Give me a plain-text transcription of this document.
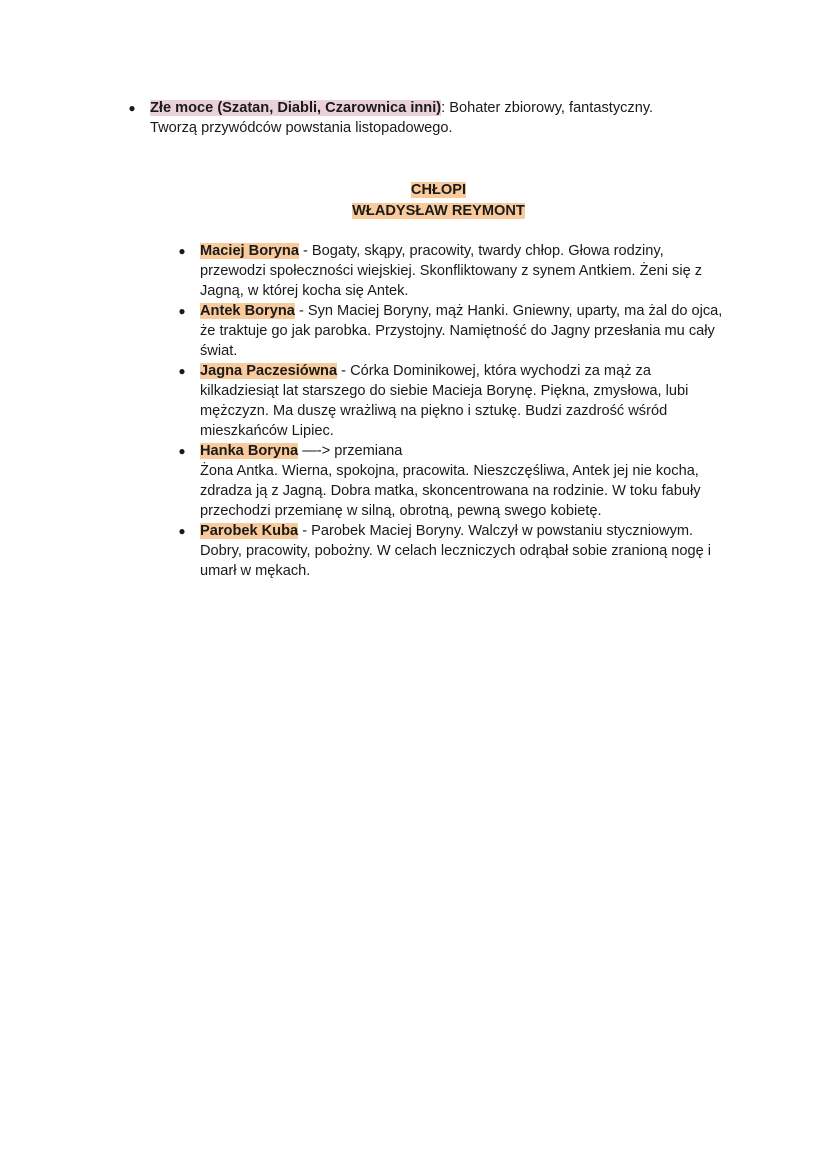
● Złe moce (Szatan, Diabli, Czarownica inni): Bohater zbiorowy, fantastyczny.
Tworzą przywódców powstania listopadowego.
CHŁOPI
WŁADYSŁAW REYMONT
● Maciej Boryna - Bogaty, skąpy, pracowity, twardy chłop. Głowa rodziny, przewodzi społeczności wiejskiej. Skonfliktowany z synem Antkiem. Żeni się z Jagną, w której kocha się Antek.
● Antek Boryna - Syn Maciej Boryny, mąż Hanki. Gniewny, uparty, ma żal do ojca, że traktuje go jak parobka. Przystojny. Namiętność do Jagny przesłania mu cały świat.
● Jagna Paczesiówna - Córka Dominikowej, która wychodzi za mąż za kilkadziesiąt lat starszego do siebie Macieja Borynę. Piękna, zmysłowa, lubi mężczyzn. Ma duszę wrażliwą na piękno i sztukę. Budzi zazdrość wśród mieszkańców Lipiec.
● Hanka Boryna —-> przemiana
Żona Antka. Wierna, spokojna, pracowita. Nieszczęśliwa, Antek jej nie kocha, zdradza ją z Jagną. Dobra matka, skoncentrowana na rodzinie. W toku fabuły przechodzi przemianę w silną, obrotną, pewną swego kobietę.
● Parobek Kuba - Parobek Maciej Boryny. Walczył w powstaniu styczniowym. Dobry, pracowity, pobożny. W celach leczniczych odrąbał sobie zranioną nogę i umarł w mękach.
